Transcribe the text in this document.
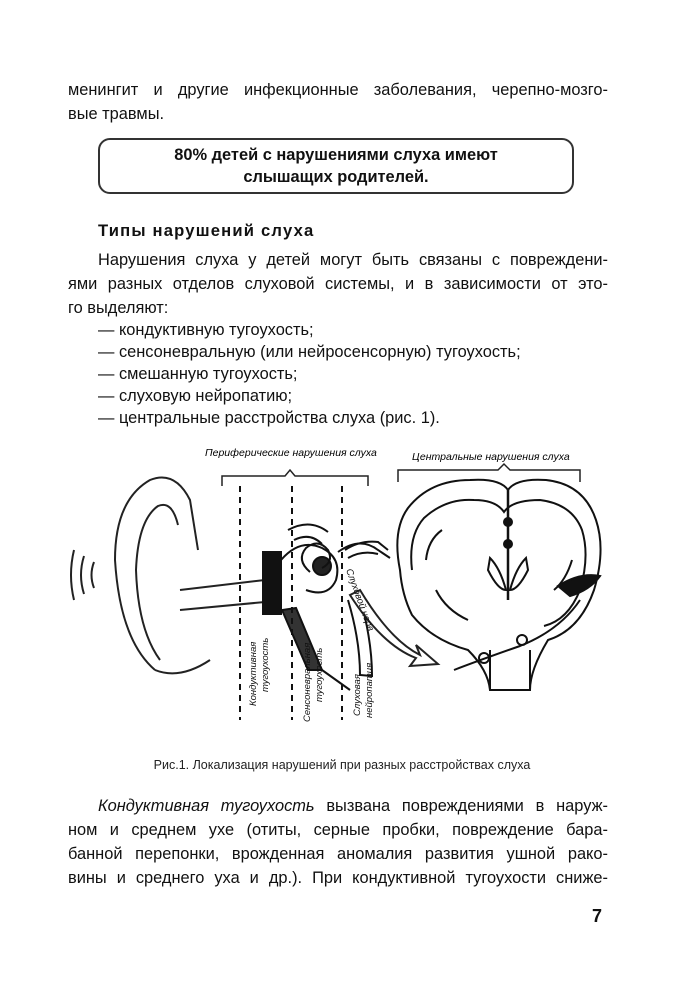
менингит и другие инфекционные заболевания, черепно-мозго-
вые травмы.
80% детей с нарушениями слуха имеют
слышащих родителей.
Типы нарушений слуха
Нарушения слуха у детей могут быть связаны с повреждени-
ями разных отделов слуховой системы, и в зависимости от это-
го выделяют:
— кондуктивную тугоухость;
— сенсоневральную (или нейросенсорную) тугоухость;
— смешанную тугоухость;
— слуховую нейропатию;
— центральные расстройства слуха (рис. 1).
Периферические нарушения слуха	Центральные нарушения слуха
Кондуктивная тугоухость	Сенсоневральная тугоухость	Слуховая нейропатия
Слуховой нерв
Рис.1. Локализация нарушений при разных расстройствах слуха
Кондуктивная тугоухость вызвана повреждениями в наруж-
ном и среднем ухе (отиты, серные пробки, повреждение бара-
банной перепонки, врожденная аномалия развития ушной рако-
вины и среднего уха и др.). При кондуктивной тугоухости сниже-
7
